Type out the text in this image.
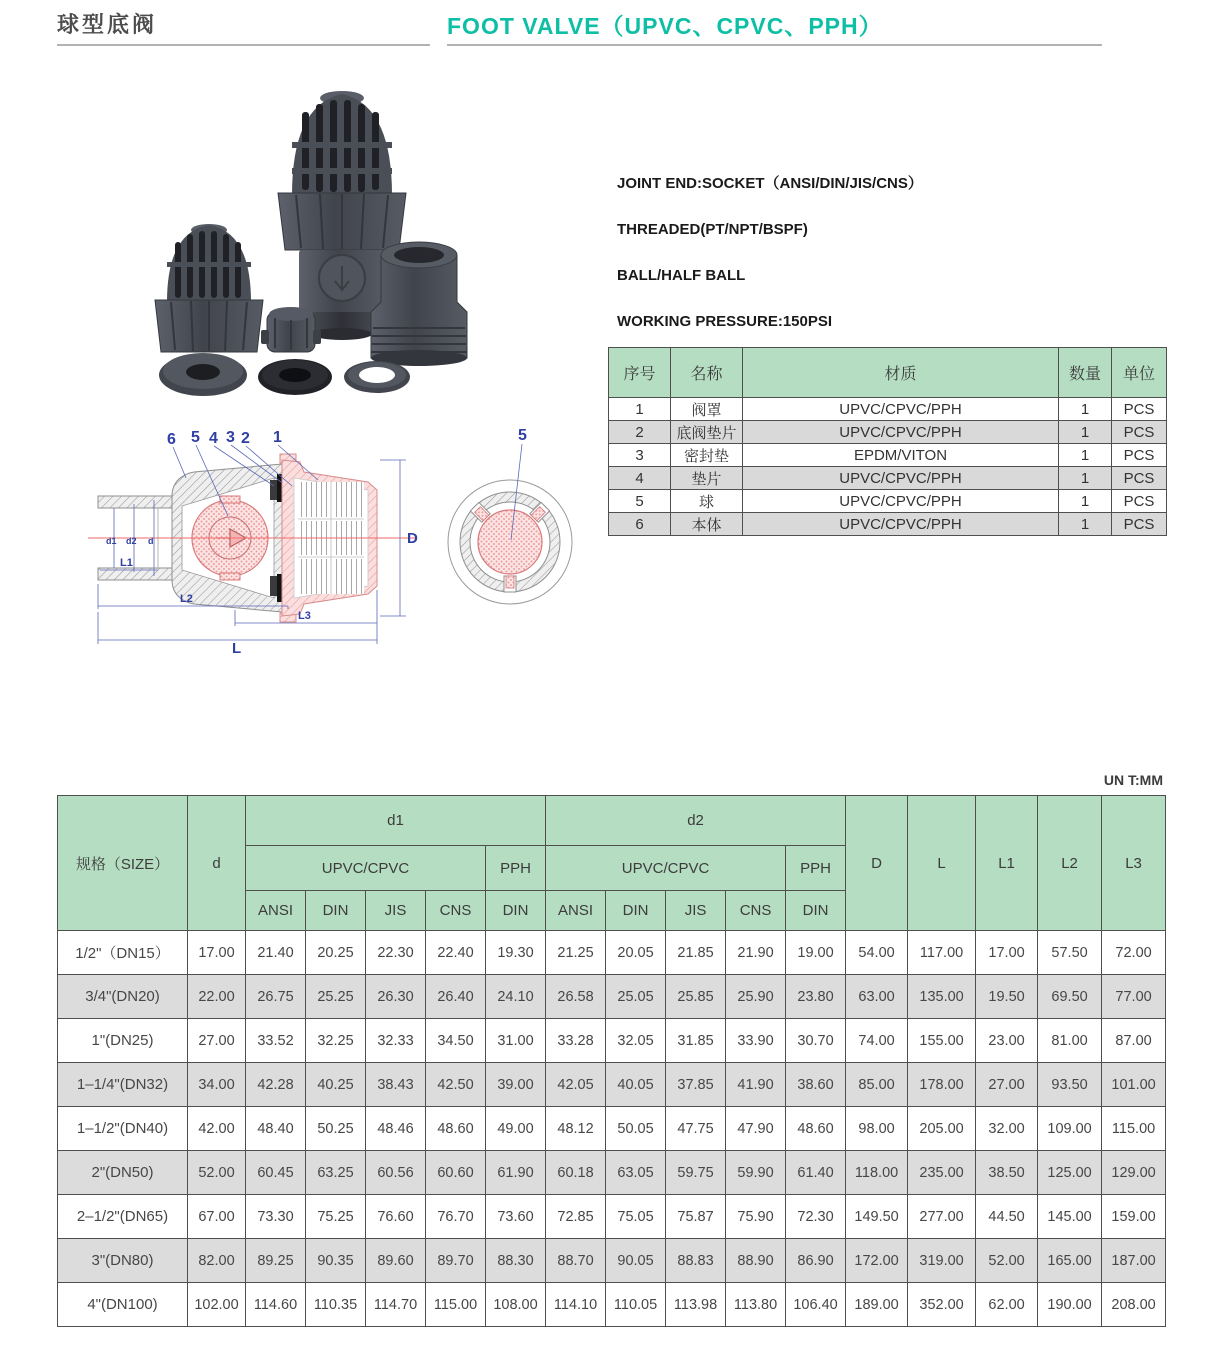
球型底阀	FOOT VALVE（UPVC、CPVC、PPH）

JOINT END:SOCKET（ANSI/DIN/JIS/CNS）

THREADED(PT/NPT/BSPF)

BALL/HALF BALL

WORKING PRESSURE:150PSI

序号	名称	材质	数量	单位
1	阀罩	UPVC/CPVC/PPH	1	PCS
2	底阀垫片	UPVC/CPVC/PPH	1	PCS
3	密封垫	EPDM/VITON	1	PCS
4	垫片	UPVC/CPVC/PPH	1	PCS
5	球	UPVC/CPVC/PPH	1	PCS
6	本体	UPVC/CPVC/PPH	1	PCS
6 5 4 3 2 1
d1 d2 d
L1
L2
L3
L
D
5
UN T:MM
规格（SIZE）	d	d1					d2					D	L	L1	L2	L3
		UPVC/CPVC				PPH	UPVC/CPVC				PPH					
		ANSI	DIN	JIS	CNS	DIN	ANSI	DIN	JIS	CNS	DIN					
1/2"（DN15）	17.00	21.40	20.25	22.30	22.40	19.30	21.25	20.05	21.85	21.90	19.00	54.00	117.00	17.00	57.50	72.00
3/4"(DN20)	22.00	26.75	25.25	26.30	26.40	24.10	26.58	25.05	25.85	25.90	23.80	63.00	135.00	19.50	69.50	77.00
1"(DN25)	27.00	33.52	32.25	32.33	34.50	31.00	33.28	32.05	31.85	33.90	30.70	74.00	155.00	23.00	81.00	87.00
1–1/4"(DN32)	34.00	42.28	40.25	38.43	42.50	39.00	42.05	40.05	37.85	41.90	38.60	85.00	178.00	27.00	93.50	101.00
1–1/2"(DN40)	42.00	48.40	50.25	48.46	48.60	49.00	48.12	50.05	47.75	47.90	48.60	98.00	205.00	32.00	109.00	115.00
2"(DN50)	52.00	60.45	63.25	60.56	60.60	61.90	60.18	63.05	59.75	59.90	61.40	118.00	235.00	38.50	125.00	129.00
2–1/2"(DN65)	67.00	73.30	75.25	76.60	76.70	73.60	72.85	75.05	75.87	75.90	72.30	149.50	277.00	44.50	145.00	159.00
3"(DN80)	82.00	89.25	90.35	89.60	89.70	88.30	88.70	90.05	88.83	88.90	86.90	172.00	319.00	52.00	165.00	187.00
4"(DN100)	102.00	114.60	110.35	114.70	115.00	108.00	114.10	110.05	113.98	113.80	106.40	189.00	352.00	62.00	190.00	208.00
